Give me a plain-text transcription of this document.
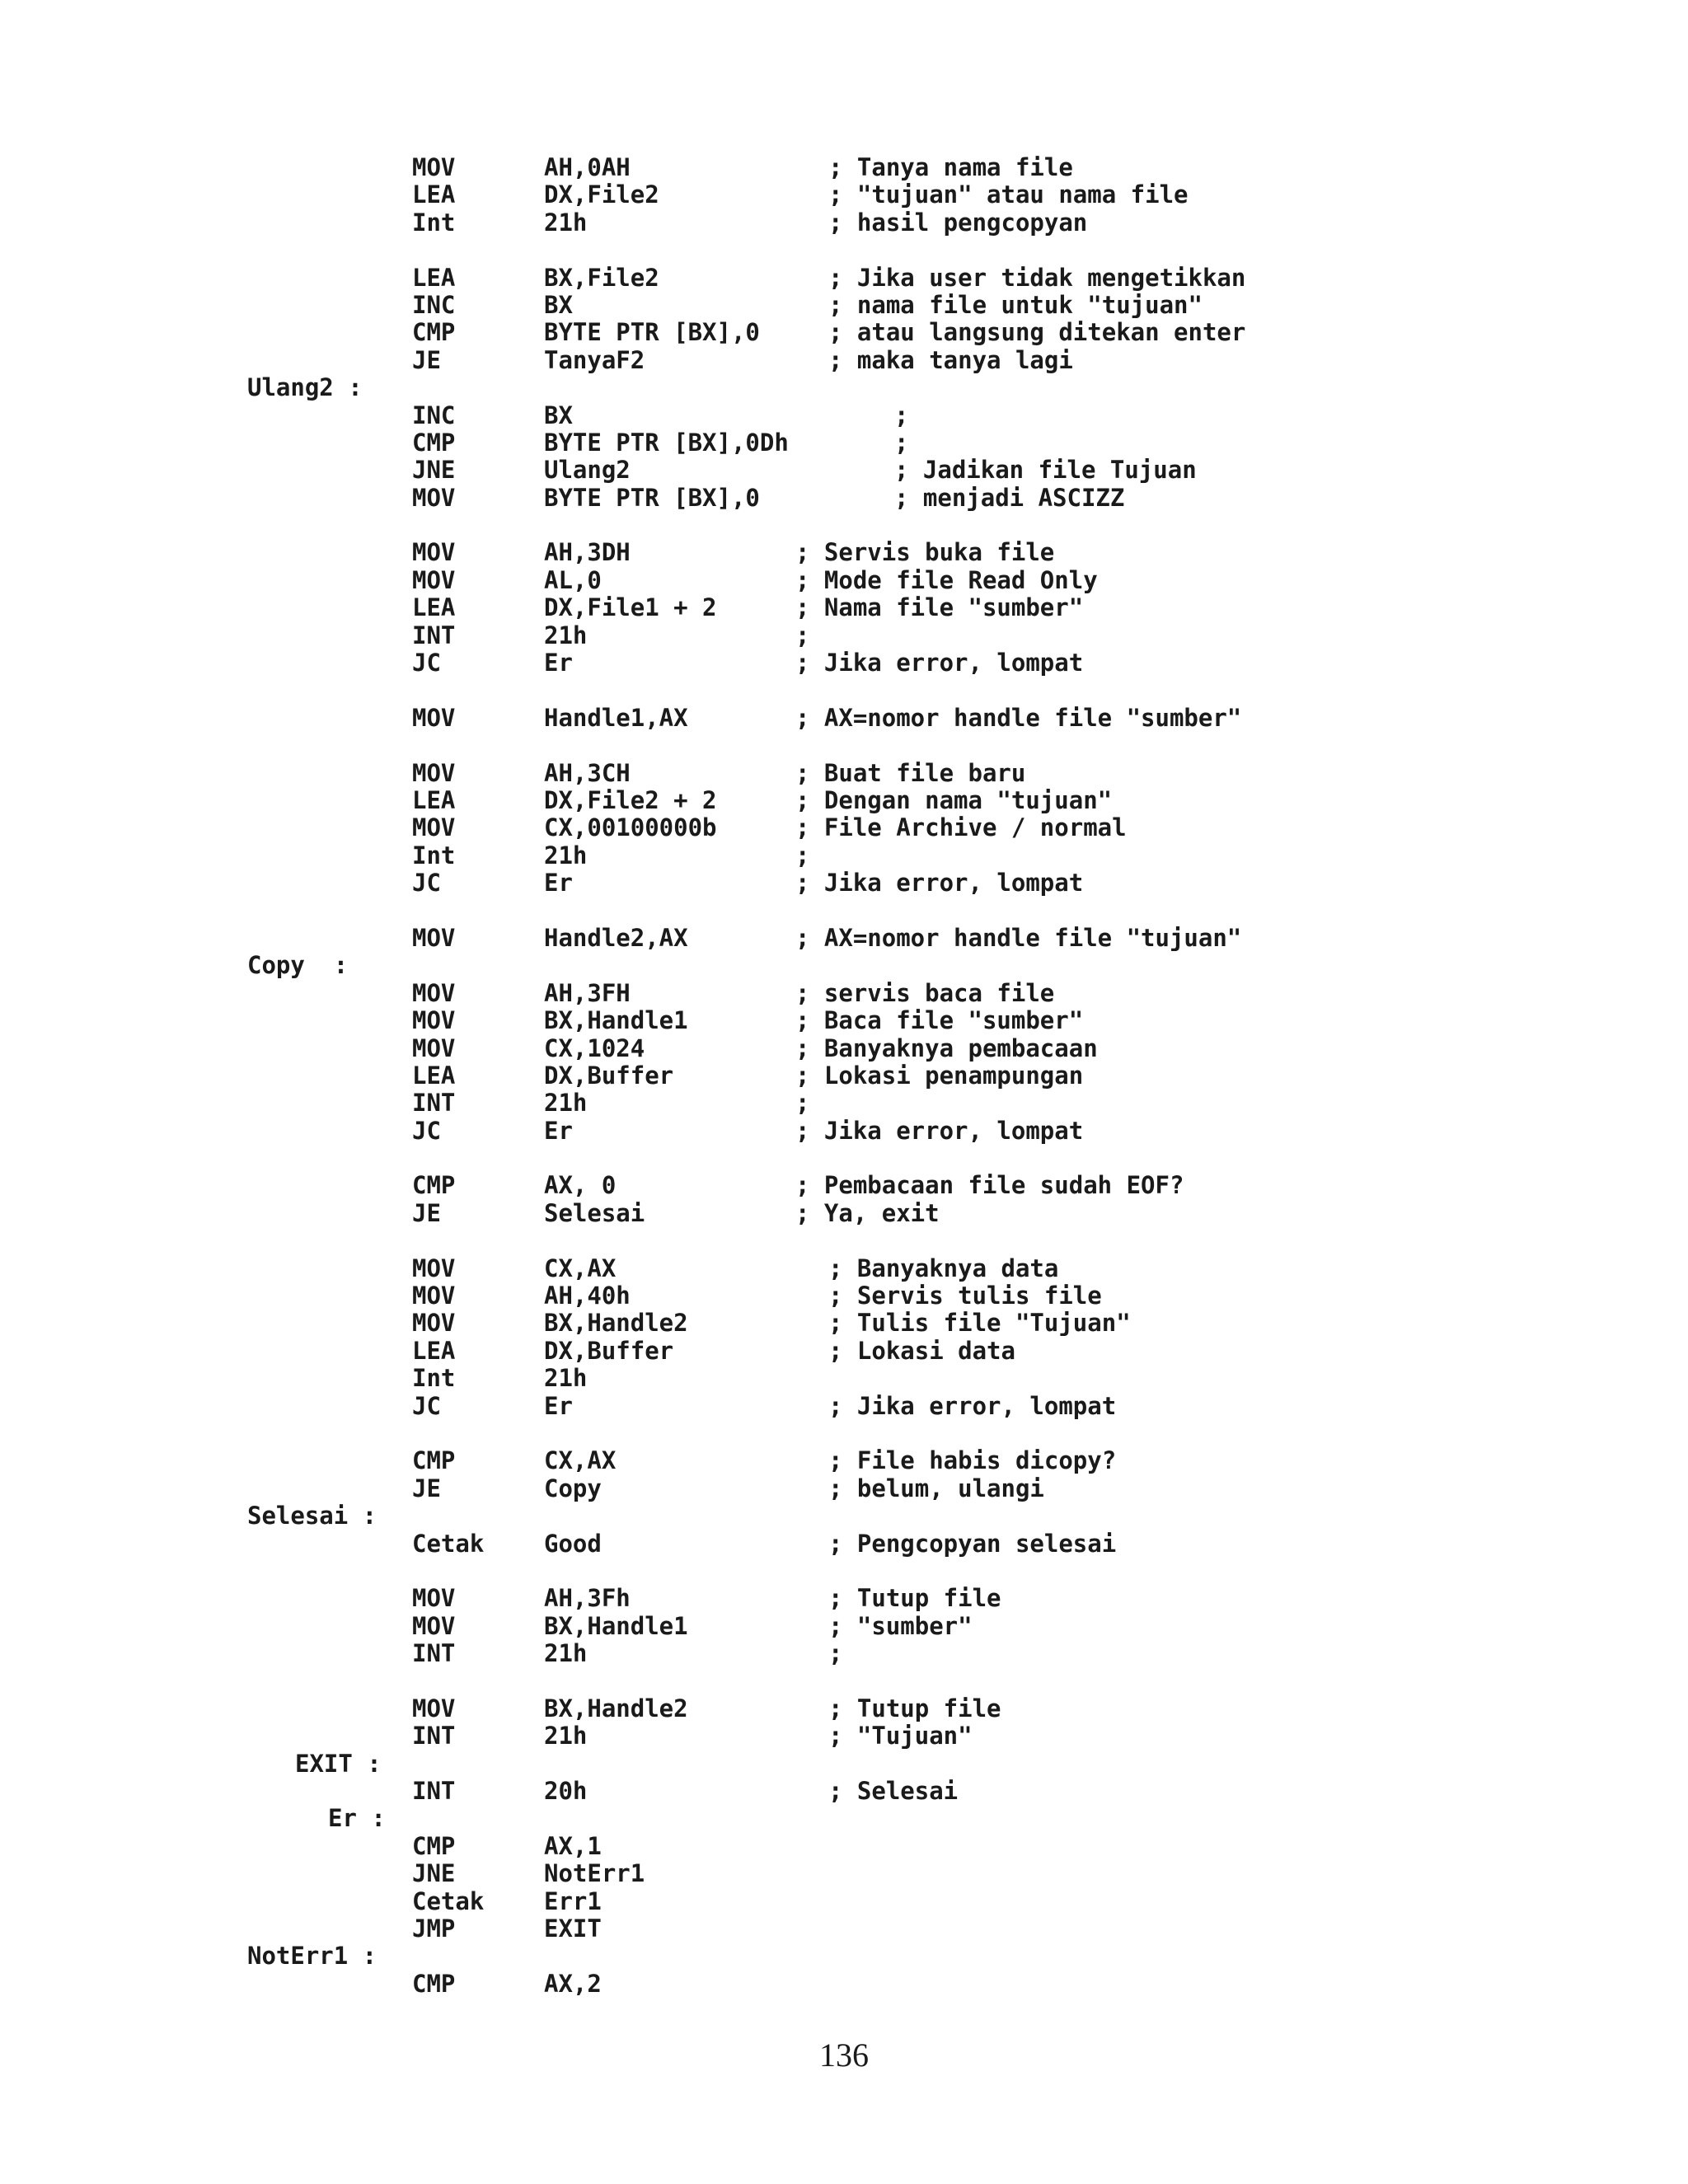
MOV	AH,0AH	; Tanya nama file
LEA	DX,File2	; "tujuan" atau nama file
Int	21h	; hasil pengcopyan
LEA	BX,File2	; Jika user tidak mengetikkan
INC	BX	; nama file untuk "tujuan"
CMP	BYTE PTR [BX],0	; atau langsung ditekan enter
JE	TanyaF2	; maka tanya lagi
Ulang2 :
INC	BX	;
CMP	BYTE PTR [BX],0Dh	;
JNE	Ulang2	; Jadikan file Tujuan
MOV	BYTE PTR [BX],0	; menjadi ASCIZZ
MOV	AH,3DH	; Servis buka file
MOV	AL,0	; Mode file Read Only
LEA	DX,File1 + 2	; Nama file "sumber"
INT	21h	;
JC	Er	; Jika error, lompat
MOV	Handle1,AX	; AX=nomor handle file "sumber"
MOV	AH,3CH	; Buat file baru
LEA	DX,File2 + 2	; Dengan nama "tujuan"
MOV	CX,00100000b	; File Archive / normal
Int	21h	;
JC	Er	; Jika error, lompat
MOV	Handle2,AX	; AX=nomor handle file "tujuan"
Copy  :
MOV	AH,3FH	; servis baca file
MOV	BX,Handle1	; Baca file "sumber"
MOV	CX,1024	; Banyaknya pembacaan
LEA	DX,Buffer	; Lokasi penampungan
INT	21h	;
JC	Er	; Jika error, lompat
CMP	AX, 0	; Pembacaan file sudah EOF?
JE	Selesai	; Ya, exit
MOV	CX,AX	; Banyaknya data
MOV	AH,40h	; Servis tulis file
MOV	BX,Handle2	; Tulis file "Tujuan"
LEA	DX,Buffer	; Lokasi data
Int	21h
JC	Er	; Jika error, lompat
CMP	CX,AX	; File habis dicopy?
JE	Copy	; belum, ulangi
Selesai :
Cetak	Good	; Pengcopyan selesai
MOV	AH,3Fh	; Tutup file
MOV	BX,Handle1	; "sumber"
INT	21h	;
MOV	BX,Handle2	; Tutup file
INT	21h	; "Tujuan"
EXIT :
INT	20h	; Selesai
Er :
CMP	AX,1
JNE	NotErr1
Cetak	Err1
JMP	EXIT
NotErr1 :
CMP	AX,2
136
